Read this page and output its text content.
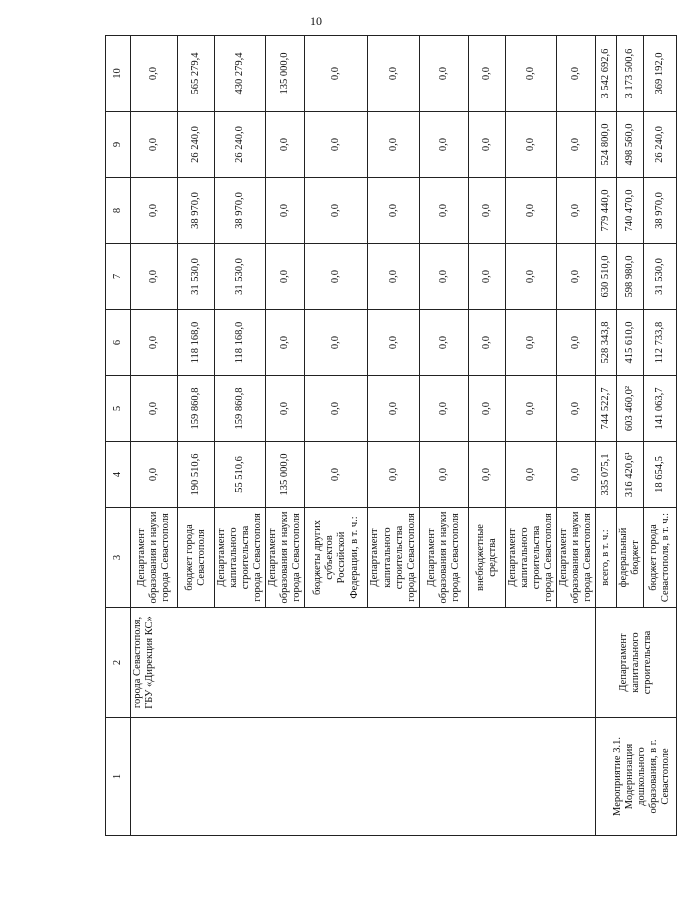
10
1	2	3	4	5	6	7	8	9	10
	города Севастополя, ГБУ «Дирекция КС»	Департамент образования и науки города Севастополя	0,0	0,0	0,0	0,0	0,0	0,0	0,0
		бюджет города Севастополя	190 510,6	159 860,8	118 168,0	31 530,0	38 970,0	26 240,0	565 279,4
		Департамент капитального строительства города Севастополя	55 510,6	159 860,8	118 168,0	31 530,0	38 970,0	26 240,0	430 279,4
		Департамент образования и науки города Севастополя	135 000,0	0,0	0,0	0,0	0,0	0,0	135 000,0
		бюджеты других субъектов Российской Федерации, в т. ч.:	0,0	0,0	0,0	0,0	0,0	0,0	0,0
		Департамент капитального строительства города Севастополя	0,0	0,0	0,0	0,0	0,0	0,0	0,0
		Департамент образования и науки города Севастополя	0,0	0,0	0,0	0,0	0,0	0,0	0,0
		внебюджетные средства	0,0	0,0	0,0	0,0	0,0	0,0	0,0
		Департамент капитального строительства города Севастополя	0,0	0,0	0,0	0,0	0,0	0,0	0,0
		Департамент образования и науки города Севастополя	0,0	0,0	0,0	0,0	0,0	0,0	0,0
Мероприятие 3.1. Модернизация дошкольного образования, в г. Севастополе	Департамент капитального строительства	всего, в т. ч.:	335 075,1	744 522,7	528 343,8	630 510,0	779 440,0	524 800,0	3 542 692,6
		федеральный бюджет	316 420,6¹	603 460,0²	415 610,0	598 980,0	740 470,0	498 560,0	3 173 500,6
		бюджет города Севастополя, в т. ч.:	18 654,5	141 063,7	112 733,8	31 530,0	38 970,0	26 240,0	369 192,0
